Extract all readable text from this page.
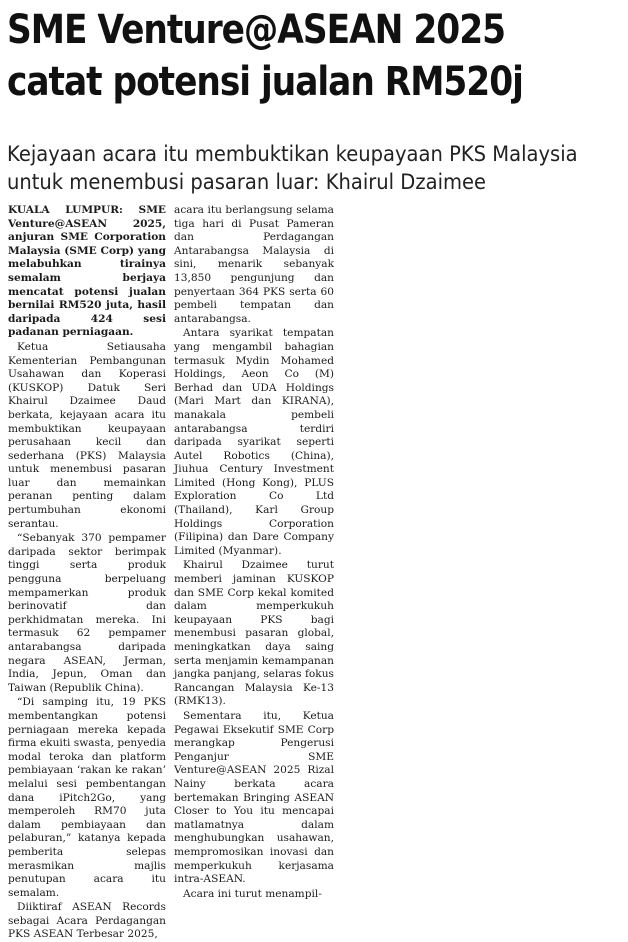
SME Venture@ASEAN 2025
catat potensi jualan RM520j
Kejayaan acara itu membuktikan keupayaan PKS Malaysia
untuk menembusi pasaran luar: Khairul Dzaimee

KUALA LUMPUR: SME Venture@ASEAN 2025, anjuran SME Corporation Malaysia (SME Corp) yang melabuhkan tirainya semalam berjaya mencatat potensi jualan bernilai RM520 juta, hasil daripada 424 sesi padanan perniagaan.

Ketua Setiausaha Kementerian Pembangunan Usahawan dan Koperasi (KUSKOP) Datuk Seri Khairul Dzaimee Daud berkata, kejayaan acara itu membuktikan keupayaan perusahaan kecil dan sederhana (PKS) Malaysia untuk menembusi pasaran luar dan memainkan peranan penting dalam pertumbuhan ekonomi serantau.

“Sebanyak 370 pempamer daripada sektor berimpak tinggi serta produk pengguna berpeluang mempamerkan produk berinovatif dan perkhidmatan mereka. Ini termasuk 62 pempamer antarabangsa daripada negara ASEAN, Jerman, India, Jepun, Oman dan Taiwan (Republik China).

“Di samping itu, 19 PKS membentangkan potensi perniagaan mereka kepada firma ekuiti swasta, penyedia modal teroka dan platform pembiayaan ‘rakan ke rakan’ melalui sesi pembentangan dana iPitch2Go, yang memperoleh RM70 juta dalam pembiayaan dan pelaburan,” katanya kepada pemberita selepas merasmikan majlis penutupan acara itu semalam.

Diiktiraf ASEAN Records sebagai Acara Perdagangan PKS ASEAN Terbesar 2025,

acara itu berlangsung selama tiga hari di Pusat Pameran dan Perdagangan Antarabangsa Malaysia di sini, menarik sebanyak 13,850 pengunjung dan penyertaan 364 PKS serta 60 pembeli tempatan dan antarabangsa.

Antara syarikat tempatan yang mengambil bahagian termasuk Mydin Mohamed Holdings, Aeon Co (M) Berhad dan UDA Holdings (Mari Mart dan KIRANA), manakala pembeli antarabangsa terdiri daripada syarikat seperti Autel Robotics (China), Jiuhua Century Investment Limited (Hong Kong), PLUS Exploration Co Ltd (Thailand), Karl Group Holdings Corporation (Filipina) dan Dare Company Limited (Myanmar).

Khairul Dzaimee turut memberi jaminan KUSKOP dan SME Corp kekal komited dalam memperkukuh keupayaan PKS bagi menembusi pasaran global, meningkatkan daya saing serta menjamin kemampanan jangka panjang, selaras fokus Rancangan Malaysia Ke-13 (RMK13).

Sementara itu, Ketua Pegawai Eksekutif SME Corp merangkap Pengerusi Penganjur SME Venture@ASEAN 2025 Rizal Nainy berkata acara bertemakan Bringing ASEAN Closer to You itu mencapai matlamatnya dalam menghubungkan usahawan, mempromosikan inovasi dan memperkukuh kerjasama intra-ASEAN.

Acara ini turut menampil-
